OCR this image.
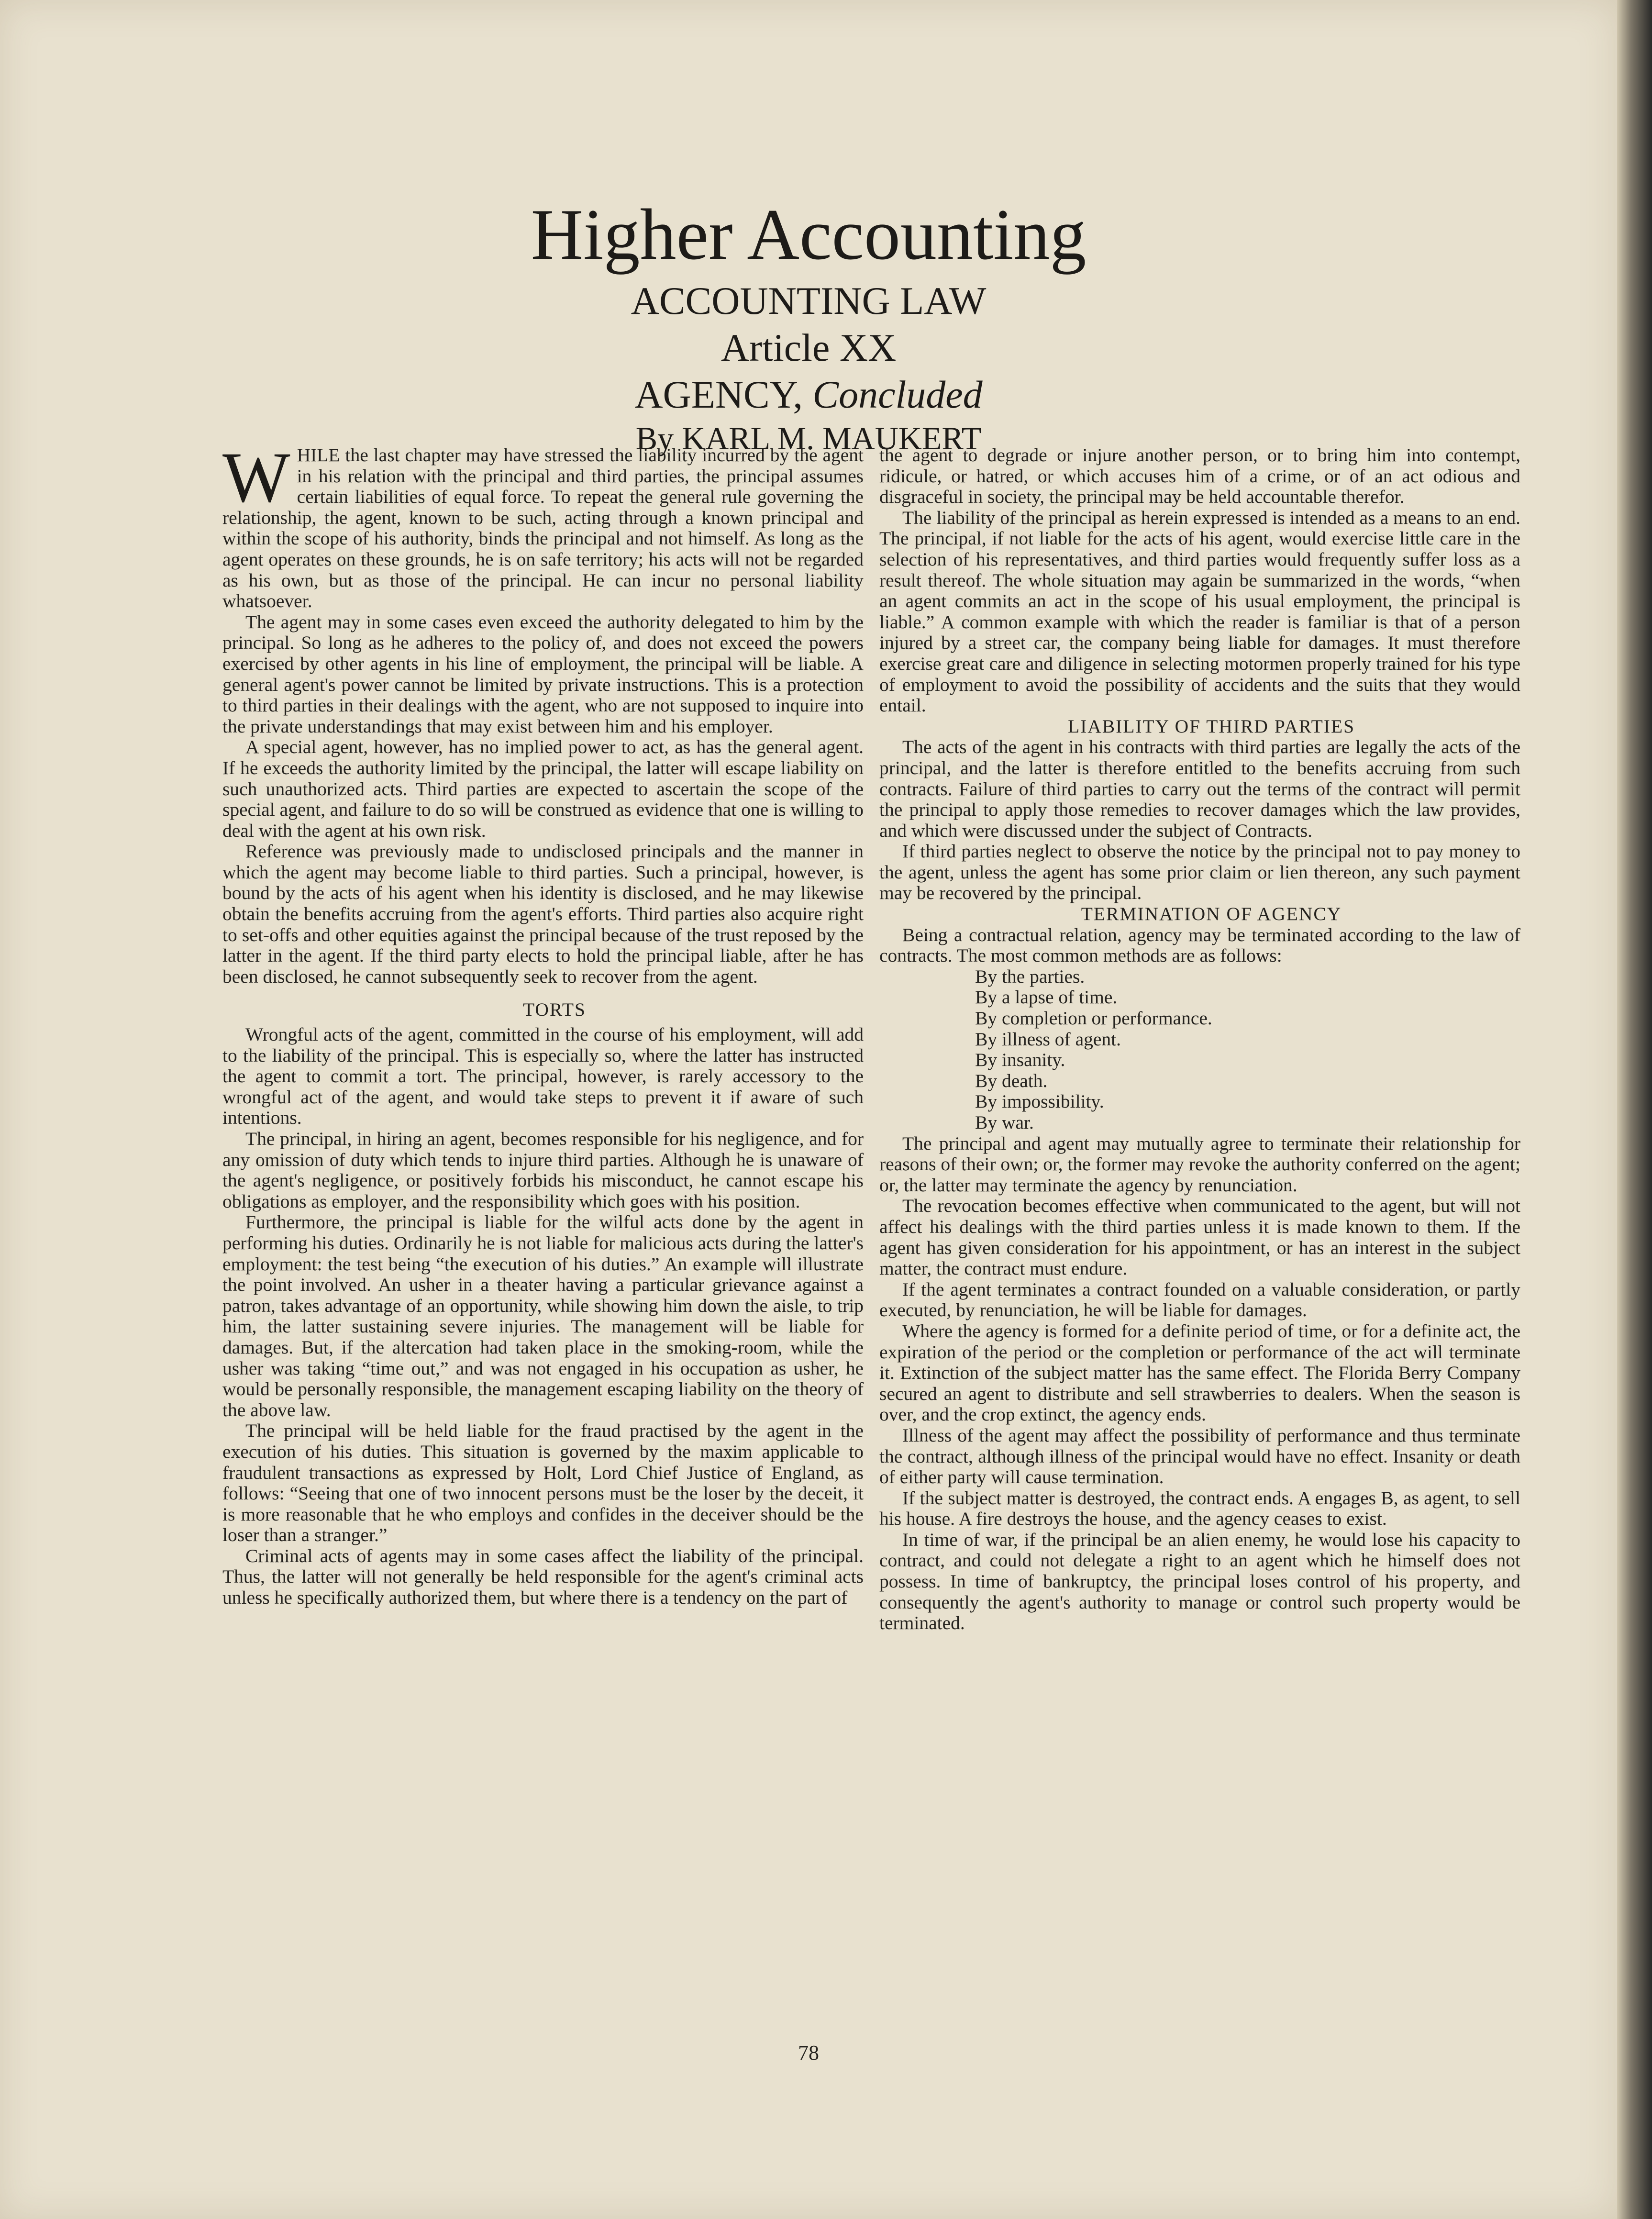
Higher Accounting
ACCOUNTING LAW
Article XX
AGENCY, Concluded

By KARL M. MAUKERT

WHILE the last chapter may have stressed the liability incurred by the agent in his relation with the principal and third parties, the principal assumes certain liabilities of equal force. To repeat the general rule governing the relationship, the agent, known to be such, acting through a known principal and within the scope of his authority, binds the principal and not himself. As long as the agent operates on these grounds, he is on safe territory; his acts will not be regarded as his own, but as those of the principal. He can incur no personal liability whatsoever.

The agent may in some cases even exceed the authority delegated to him by the principal. So long as he adheres to the policy of, and does not exceed the powers exercised by other agents in his line of employment, the principal will be liable. A general agent's power cannot be limited by private instructions. This is a protection to third parties in their dealings with the agent, who are not supposed to inquire into the private understandings that may exist between him and his employer.

A special agent, however, has no implied power to act, as has the general agent. If he exceeds the authority limited by the principal, the latter will escape liability on such unauthorized acts. Third parties are expected to ascertain the scope of the special agent, and failure to do so will be construed as evidence that one is willing to deal with the agent at his own risk.

Reference was previously made to undisclosed principals and the manner in which the agent may become liable to third parties. Such a principal, however, is bound by the acts of his agent when his identity is disclosed, and he may likewise obtain the benefits accruing from the agent's efforts. Third parties also acquire right to set-offs and other equities against the principal because of the trust reposed by the latter in the agent. If the third party elects to hold the principal liable, after he has been disclosed, he cannot subsequently seek to recover from the agent.

TORTS

Wrongful acts of the agent, committed in the course of his employment, will add to the liability of the principal. This is especially so, where the latter has instructed the agent to commit a tort. The principal, however, is rarely accessory to the wrongful act of the agent, and would take steps to prevent it if aware of such intentions.

The principal, in hiring an agent, becomes responsible for his negligence, and for any omission of duty which tends to injure third parties. Although he is unaware of the agent's negligence, or positively forbids his misconduct, he cannot escape his obligations as employer, and the responsibility which goes with his position.

Furthermore, the principal is liable for the wilful acts done by the agent in performing his duties. Ordinarily he is not liable for malicious acts during the latter's employment: the test being “the execution of his duties.” An example will illustrate the point involved. An usher in a theater having a particular grievance against a patron, takes advantage of an opportunity, while showing him down the aisle, to trip him, the latter sustaining severe injuries. The management will be liable for damages. But, if the altercation had taken place in the smoking-room, while the usher was taking “time out,” and was not engaged in his occupation as usher, he would be personally responsible, the management escaping liability on the theory of the above law.

The principal will be held liable for the fraud practised by the agent in the execution of his duties. This situation is governed by the maxim applicable to fraudulent transactions as expressed by Holt, Lord Chief Justice of England, as follows: “Seeing that one of two innocent persons must be the loser by the deceit, it is more reasonable that he who employs and confides in the deceiver should be the loser than a stranger.”

Criminal acts of agents may in some cases affect the liability of the principal. Thus, the latter will not generally be held responsible for the agent's criminal acts unless he specifically authorized them, but where there is a tendency on the part of

the agent to degrade or injure another person, or to bring him into contempt, ridicule, or hatred, or which accuses him of a crime, or of an act odious and disgraceful in society, the principal may be held accountable therefor.

The liability of the principal as herein expressed is intended as a means to an end. The principal, if not liable for the acts of his agent, would exercise little care in the selection of his representatives, and third parties would frequently suffer loss as a result thereof. The whole situation may again be summarized in the words, “when an agent commits an act in the scope of his usual employment, the principal is liable.” A common example with which the reader is familiar is that of a person injured by a street car, the company being liable for damages. It must therefore exercise great care and diligence in selecting motormen properly trained for his type of employment to avoid the possibility of accidents and the suits that they would entail.

LIABILITY OF THIRD PARTIES

The acts of the agent in his contracts with third parties are legally the acts of the principal, and the latter is therefore entitled to the benefits accruing from such contracts. Failure of third parties to carry out the terms of the contract will permit the principal to apply those remedies to recover damages which the law provides, and which were discussed under the subject of Contracts.

If third parties neglect to observe the notice by the principal not to pay money to the agent, unless the agent has some prior claim or lien thereon, any such payment may be recovered by the principal.

TERMINATION OF AGENCY

Being a contractual relation, agency may be terminated according to the law of contracts. The most common methods are as follows:

By the parties.
By a lapse of time.
By completion or performance.
By illness of agent.
By insanity.
By death.
By impossibility.
By war.

The principal and agent may mutually agree to terminate their relationship for reasons of their own; or, the former may revoke the authority conferred on the agent; or, the latter may terminate the agency by renunciation.

The revocation becomes effective when communicated to the agent, but will not affect his dealings with the third parties unless it is made known to them. If the agent has given consideration for his appointment, or has an interest in the subject matter, the contract must endure.

If the agent terminates a contract founded on a valuable consideration, or partly executed, by renunciation, he will be liable for damages.

Where the agency is formed for a definite period of time, or for a definite act, the expiration of the period or the completion or performance of the act will terminate it. Extinction of the subject matter has the same effect. The Florida Berry Company secured an agent to distribute and sell strawberries to dealers. When the season is over, and the crop extinct, the agency ends.

Illness of the agent may affect the possibility of performance and thus terminate the contract, although illness of the principal would have no effect. Insanity or death of either party will cause termination.

If the subject matter is destroyed, the contract ends. A engages B, as agent, to sell his house. A fire destroys the house, and the agency ceases to exist.

In time of war, if the principal be an alien enemy, he would lose his capacity to contract, and could not delegate a right to an agent which he himself does not possess. In time of bankruptcy, the principal loses control of his property, and consequently the agent's authority to manage or control such property would be terminated.

78
